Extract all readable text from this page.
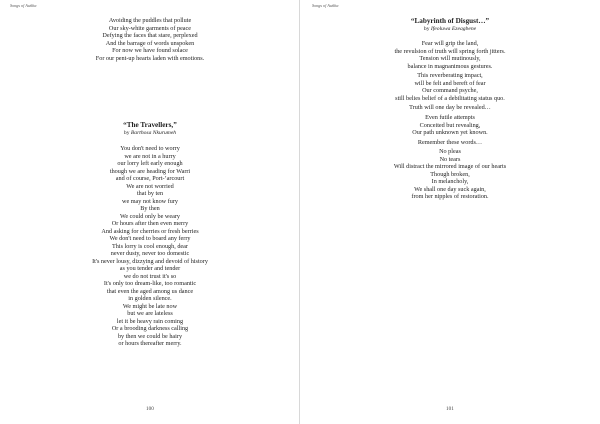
Songs of Awkha
Avoiding the puddles that pollute
Our sky-white garments of peace
Defying the faces that stare, perplexed
And the barrage of words unspoken
For now we have found solace
For our pent-up hearts laden with emotions.
“The Travellers,”
by Barthosa Nkurumeh
You don't need to worry
we are not in a hurry
our lorry left early enough
though we are heading for Warri
and of course, Port-’arcourt
We are not worried
that by ten
we may not know fury
By then
We could only be weary
Or hours after then even merry
And asking for cherries or fresh berries
We don't need to board any ferry
This lorry is cool enough, dear
never dusty, never too domestic
It's never lousy, dizzying and devoid of history
as you tender and tender
we do not trust it's so
It's only too dream-like, too romantic
that even the aged among us dance
in golden silence.
We might be late now
but we are lateless
let it be heavy rain coming
Or a brooding darkness calling
by then we could be hairy
or hours thereafter merry.
100
Songs of Awkha
“Labyrinth of Disgust…”
by Ifeoluwa Ezeagbene
Fear will grip the land,
the revulsion of truth will spring forth jitters.
Tension will mutinously,
balance in magnanimous gestures.
This reverberating impact,
will be felt and bereft of fear
Our command psyche,
still belies belief of a debilitating status quo.
Truth will one day be revealed…
Even futile attempts
Conceited but revealing,
Our path unknown yet known.
Remember these words…
No pleas
No tears
Will distract the mirrored image of our hearts
Though broken,
In melancholy,
We shall one day suck again,
from her nipples of restoration.
101
